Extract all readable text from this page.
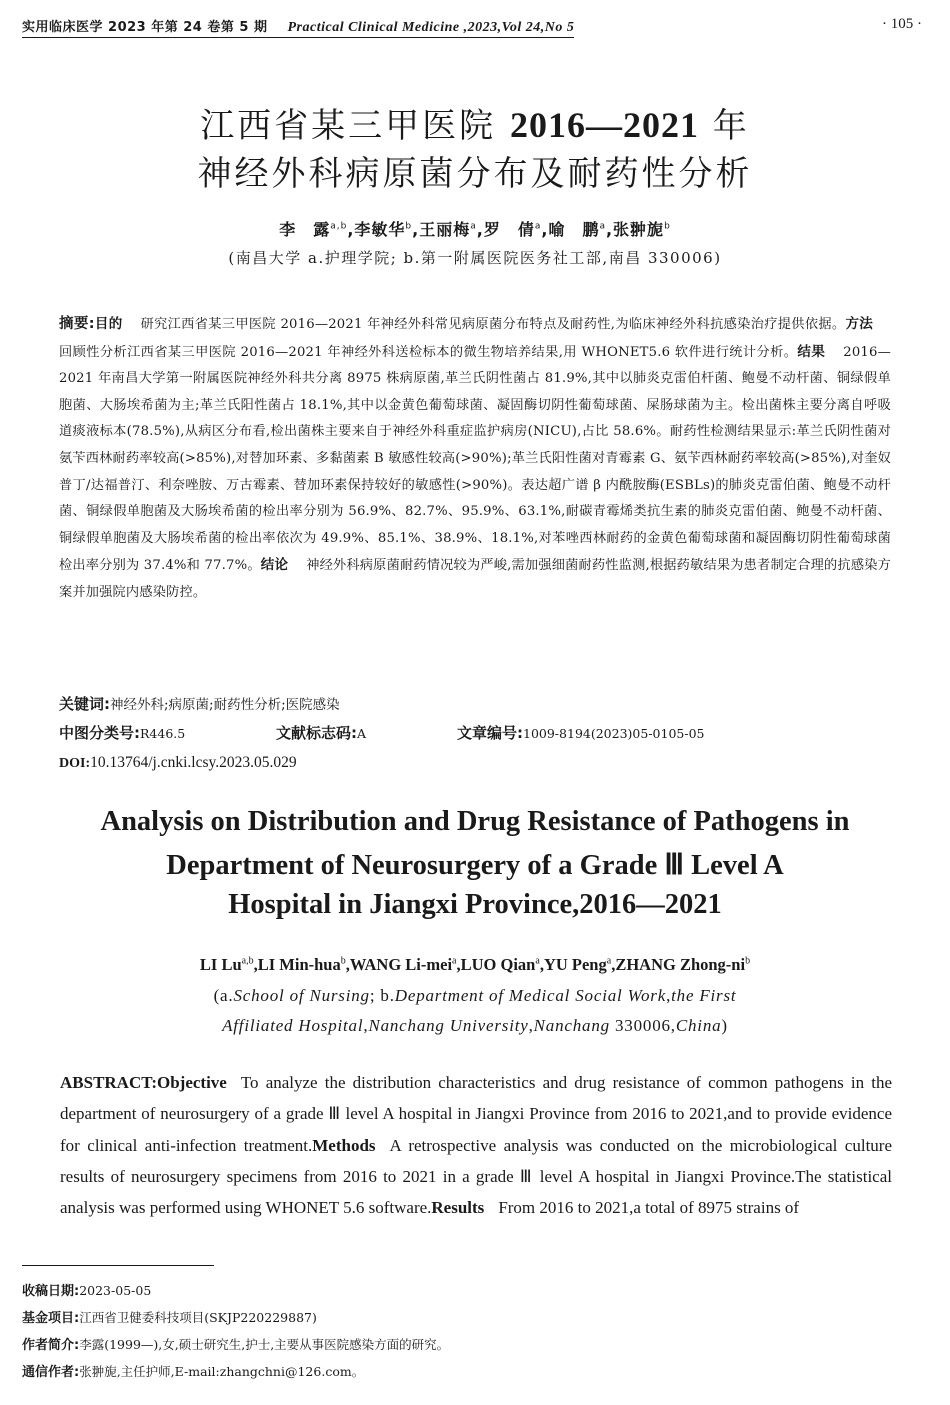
实用临床医学 2023 年第 24 卷第 5 期 Practical Clinical Medicine ,2023,Vol 24,No 5	· 105 ·
江西省某三甲医院 2016—2021 年
神经外科病原菌分布及耐药性分析
李　露$^{a,b}$,李敏华$^b$,王丽梅$^a$,罗　倩$^a$,喻　鹏$^a$,张翀旎$^b$
(南昌大学 a.护理学院; b.第一附属医院医务社工部,南昌 330006)
摘要:目的 研究江西省某三甲医院 2016—2021 年神经外科常见病原菌分布特点及耐药性,为临床神经外科抗感染治疗提供依据。方法回顾性分析江西省某三甲医院 2016—2021 年神经外科送检标本的微生物培养结果,用 WHONET5.6 软件进行统计分析。结果 2016—2021 年南昌大学第一附属医院神经外科共分离 8975 株病原菌,革兰氏阴性菌占 81.9%,其中以肺炎克雷伯杆菌、鲍曼不动杆菌、铜绿假单胞菌、大肠埃希菌为主;革兰氏阳性菌占 18.1%,其中以金黄色葡萄球菌、凝固酶切阴性葡萄球菌、屎肠球菌为主。检出菌株主要分离自呼吸道痰液标本(78.5%),从病区分布看,检出菌株主要来自于神经外科重症监护病房(NICU),占比 58.6%。耐药性检测结果显示:革兰氏阴性菌对氨苄西林耐药率较高(>85%),对替加环素、多黏菌素 B 敏感性较高(>90%);革兰氏阳性菌对青霉素 G、氨苄西林耐药率较高(>85%),对奎奴普丁/达福普汀、利奈唑胺、万古霉素、替加环素保持较好的敏感性(>90%)。表达超广谱 β 内酰胺酶(ESBLs)的肺炎克雷伯菌、鲍曼不动杆菌、铜绿假单胞菌及大肠埃希菌的检出率分别为 56.9%、82.7%、95.9%、63.1%,耐碳青霉烯类抗生素的肺炎克雷伯菌、鲍曼不动杆菌、铜绿假单胞菌及大肠埃希菌的检出率依次为 49.9%、85.1%、38.9%、18.1%,对苯唑西林耐药的金黄色葡萄球菌和凝固酶切阴性葡萄球菌检出率分别为 37.4%和 77.7%。结论 神经外科病原菌耐药情况较为严峻,需加强细菌耐药性监测,根据药敏结果为患者制定合理的抗感染方案并加强院内感染防控。
关键词:神经外科;病原菌;耐药性分析;医院感染
中图分类号:R446.5	文献标志码:A	文章编号:1009-8194(2023)05-0105-05
DOI:10.13764/j.cnki.lcsy.2023.05.029
Analysis on Distribution and Drug Resistance of Pathogens in
Department of Neurosurgery of a Grade Ⅲ Level A
Hospital in Jiangxi Province,2016—2021
LI Lu$^{a,b}$,LI Min-hua$^b$,WANG Li-mei$^a$,LUO Qian$^a$,YU Peng$^a$,ZHANG Zhong-$ni^b$
(a.School of Nursing; b.Department of Medical Social Work,the First
Affiliated Hospital,Nanchang University,Nanchang 330006,China)
ABSTRACT:Objective To analyze the distribution characteristics and drug resistance of common pathogens in the department of neurosurgery of a grade Ⅲ level A hospital in Jiangxi Province from 2016 to 2021,and to provide evidence for clinical anti-infection treatment.Methods A retrospective analysis was conducted on the microbiological culture results of neurosurgery specimens from 2016 to 2021 in a grade Ⅲ level A hospital in Jiangxi Province.The statistical analysis was performed using WHONET 5.6 software.Results From 2016 to 2021,a total of 8975 strains of
收稿日期:2023-05-05
基金项目:江西省卫健委科技项目(SKJP220229887)
作者简介:李露(1999—),女,硕士研究生,护士,主要从事医院感染方面的研究。
通信作者:张翀旎,主任护师,E-mail:zhangchni@126.com。
